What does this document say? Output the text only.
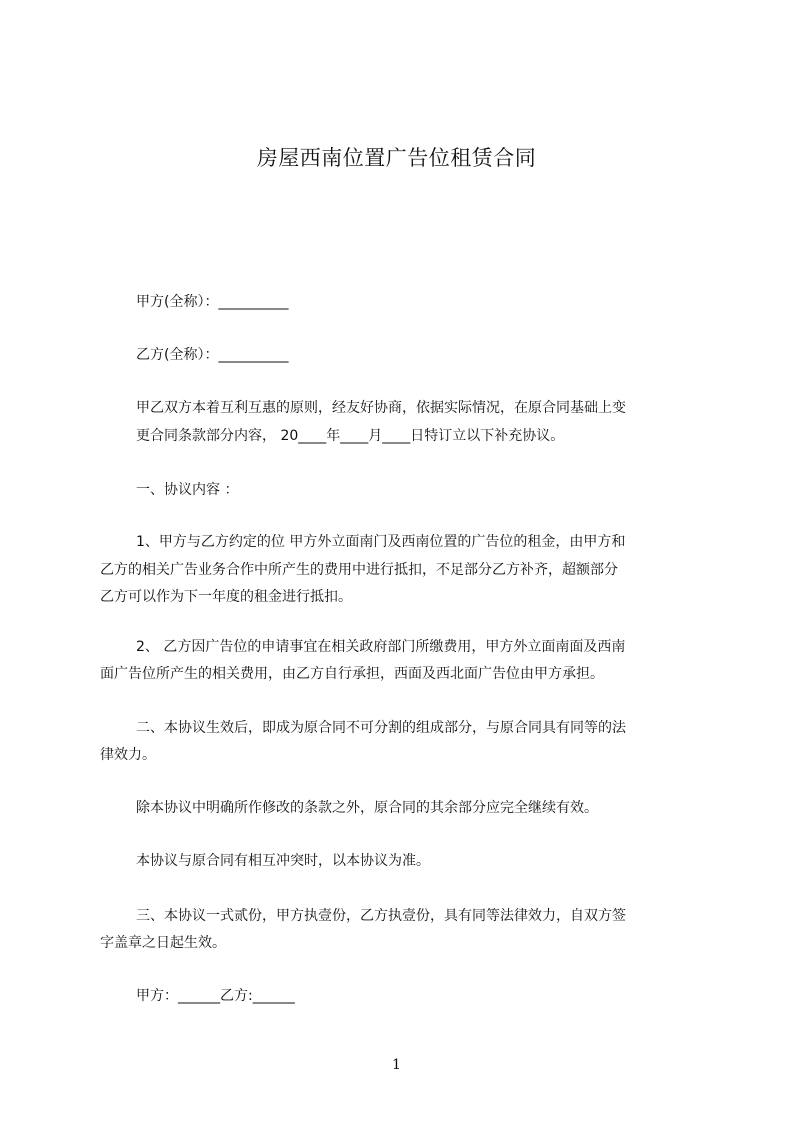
房屋西南位置广告位租赁合同
甲方(全称）：__________
乙方(全称）：__________
甲乙双方本着互利互惠的原则，经友好协商，依据实际情况，在原合同基础上变
更合同条款部分内容， 20____年____月____日特订立以下补充协议。
一、协议内容 ：
1、甲方与乙方约定的位 甲方外立面南门及西南位置的广告位的租金，由甲方和
乙方的相关广告业务合作中所产生的费用中进行抵扣，不足部分乙方补齐，超额部分
乙方可以作为下一年度的租金进行抵扣。
2、 乙方因广告位的申请事宜在相关政府部门所缴费用，甲方外立面南面及西南
面广告位所产生的相关费用，由乙方自行承担，西面及西北面广告位由甲方承担。
二、本协议生效后，即成为原合同不可分割的组成部分，与原合同具有同等的法
律效力。
除本协议中明确所作修改的条款之外，原合同的其余部分应完全继续有效。
本协议与原合同有相互冲突时，以本协议为准。
三、本协议一式贰份，甲方执壹份，乙方执壹份，具有同等法律效力，自双方签
字盖章之日起生效。
甲方：______乙方:______
1
